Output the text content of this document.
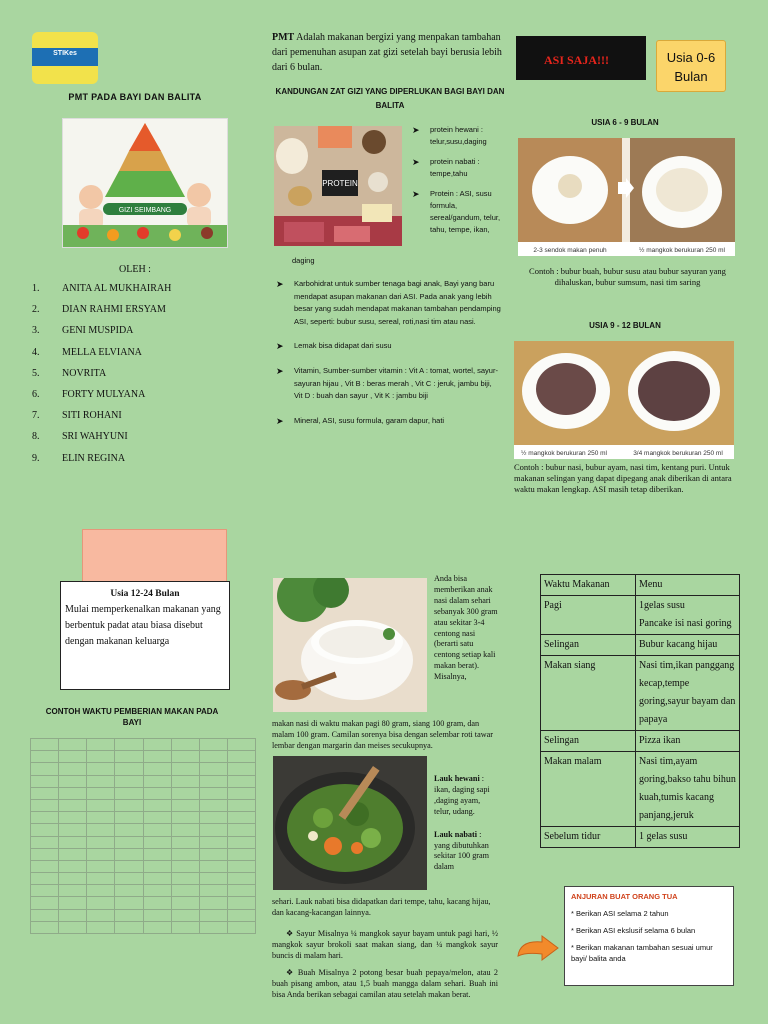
STIKes
PMT PADA BAYI DAN BALITA
GIZI SEIMBANG
OLEH :
1. ANITA AL MUKHAIRAH
2. DIAN RAHMI ERSYAM
3. GENI MUSPIDA
4. MELLA ELVIANA
5. NOVRITA
6. FORTY MULYANA
7. SITI ROHANI
8. SRI WAHYUNI
9. ELIN REGINA
PMT Adalah makanan bergizi yang menpakan tambahan dari pemenuhan asupan zat gizi setelah bayi berusia lebih dari 6 bulan.
KANDUNGAN ZAT GIZI YANG DIPERLUKAN BAGI BAYI DAN BALITA
PROTEIN
➤ protein hewani : telur,susu,daging
➤ protein nabati : tempe,tahu
➤ Protein : ASI, susu formula, sereal/gandum, telur, tahu, tempe, ikan,
daging
➤ Karbohidrat untuk sumber tenaga bagi anak, Bayi yang baru mendapat asupan makanan dari ASI. Pada anak yang lebih besar yang sudah mendapat makanan tambahan pendamping ASI, seperti: bubur susu, sereal, roti,nasi tim atau nasi.
➤ Lemak bisa didapat dari susu
➤ Vitamin, Sumber-sumber vitamin : Vit A : tomat, wortel, sayur-sayuran hijau , Vit B : beras merah , Vit C : jeruk, jambu biji, Vit D : buah dan sayur , Vit K : jambu biji
➤ Mineral, ASI, susu formula, garam dapur, hati
ASI SAJA!!!	Usia 0-6 Bulan
USIA 6 - 9 BULAN
2-3 sendok makan penuh	½ mangkok berukuran 250 ml
Contoh : bubur buah, bubur susu atau bubur sayuran yang dihaluskan, bubur sumsum, nasi tim saring
USIA 9 - 12 BULAN
½ mangkok berukuran 250 ml	3/4 mangkok berukuran 250 ml
Contoh : bubur nasi, bubur ayam, nasi tim, kentang puri. Untuk makanan selingan yang dapat dipegang anak diberikan di antara waktu makan lengkap. ASI masih tetap diberikan.
Usia 12-24 Bulan
Mulai memperkenalkan makanan yang berbentuk padat atau biasa disebut dengan makanan keluarga
CONTOH WAKTU PEMBERIAN MAKAN PADA BAYI

Anda bisa memberikan anak nasi dalam sehari sebanyak 300 gram atau sekitar 3-4 centong nasi (berarti satu centong setiap kali makan berat). Misalnya,
makan nasi di waktu makan pagi 80 gram, siang 100 gram, dan malam 100 gram. Camilan sorenya bisa dengan selembar roti tawar lembar dengan margarin dan meises secukupnya.

Lauk hewani : ikan, daging sapi ,daging ayam, telur, udang.

Lauk nabati : yang dibutuhkan sekitar 100 gram dalam

sehari. Lauk nabati bisa didapatkan dari tempe, tahu, kacang hijau, dan kacang-kacangan lainnya.

❖ Sayur Misalnya ¼ mangkok sayur bayam untuk pagi hari, ½ mangkok sayur brokoli saat makan siang, dan ¼ mangkok sayur buncis di malam hari.

❖ Buah Misalnya 2 potong besar buah pepaya/melon, atau 2 buah pisang ambon, atau 1,5 buah mangga dalam sehari. Buah ini bisa Anda berikan sebagai camilan atau setelah makan berat.

Waktu Makanan	Menu
Pagi	1gelas susu
Pancake isi nasi goring
Selingan	Bubur kacang hijau
Makan siang	Nasi tim,ikan panggang kecap,tempe goring,sayur bayam dan papaya
Selingan	Pizza ikan
Makan malam	Nasi tim,ayam goring,bakso tahu bihun kuah,tumis kacang panjang,jeruk
Sebelum tidur	1 gelas susu
ANJURAN BUAT ORANG TUA

* Berikan ASI selama 2 tahun

* Berikan ASI ekslusif selama 6 bulan

* Berikan makanan tambahan sesuai umur bayi/ balita anda
